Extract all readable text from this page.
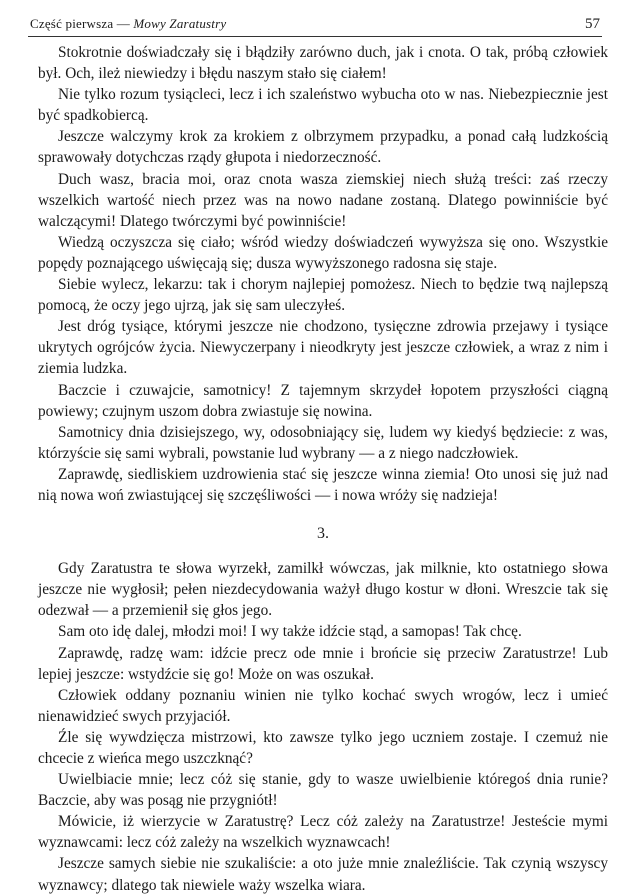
Część pierwsza — Mowy Zaratustry	57

Stokrotnie doświadczały się i błądziły zarówno duch, jak i cnota. O tak, próbą człowiek był. Och, ileż niewiedzy i błędu naszym stało się ciałem!

Nie tylko rozum tysiącleci, lecz i ich szaleństwo wybucha oto w nas. Niebezpiecznie jest być spadkobiercą.

Jeszcze walczymy krok za krokiem z olbrzymem przypadku, a ponad całą ludzkością sprawowały dotychczas rządy głupota i niedorzeczność.

Duch wasz, bracia moi, oraz cnota wasza ziemskiej niech służą treści: zaś rzeczy wszelkich wartość niech przez was na nowo nadane zostaną. Dlatego powinniście być walczącymi! Dlatego twórczymi być powinniście!

Wiedzą oczyszcza się ciało; wśród wiedzy doświadczeń wywyższa się ono. Wszystkie popędy poznającego uświęcają się; dusza wywyższonego radosna się staje.

Siebie wylecz, lekarzu: tak i chorym najlepiej pomożesz. Niech to będzie twą najlepszą pomocą, że oczy jego ujrzą, jak się sam uleczyłeś.

Jest dróg tysiące, którymi jeszcze nie chodzono, tysięczne zdrowia przejawy i tysiące ukrytych ogrójców życia. Niewyczerpany i nieodkryty jest jeszcze człowiek, a wraz z nim i ziemia ludzka.

Baczcie i czuwajcie, samotnicy! Z tajemnym skrzydeł łopotem przyszłości ciągną powiewy; czujnym uszom dobra zwiastuje się nowina.

Samotnicy dnia dzisiejszego, wy, odosobniający się, ludem wy kiedyś będziecie: z was, którzyście się sami wybrali, powstanie lud wybrany — a z niego nadczłowiek.

Zaprawdę, siedliskiem uzdrowienia stać się jeszcze winna ziemia! Oto unosi się już nad nią nowa woń zwiastującej się szczęśliwości — i nowa wróży się nadzieja!

3.

Gdy Zaratustra te słowa wyrzekł, zamilkł wówczas, jak milknie, kto ostatniego słowa jeszcze nie wygłosił; pełen niezdecydowania ważył długo kostur w dłoni. Wreszcie tak się odezwał — a przemienił się głos jego.

Sam oto idę dalej, młodzi moi! I wy także idźcie stąd, a samopas! Tak chcę.

Zaprawdę, radzę wam: idźcie precz ode mnie i brońcie się przeciw Zaratustrze! Lub lepiej jeszcze: wstydźcie się go! Może on was oszukał.

Człowiek oddany poznaniu winien nie tylko kochać swych wrogów, lecz i umieć nienawidzieć swych przyjaciół.

Źle się wywdzięcza mistrzowi, kto zawsze tylko jego uczniem zostaje. I czemuż nie chcecie z wieńca mego uszczknąć?

Uwielbiacie mnie; lecz cóż się stanie, gdy to wasze uwielbienie któregoś dnia runie? Baczcie, aby was posąg nie przygniótł!

Mówicie, iż wierzycie w Zaratustrę? Lecz cóż zależy na Zaratustrze! Jesteście mymi wyznawcami: lecz cóż zależy na wszelkich wyznawcach!

Jeszcze samych siebie nie szukaliście: a oto juże mnie znaleźliście. Tak czynią wszyscy wyznawcy; dlatego tak niewiele waży wszelka wiara.
